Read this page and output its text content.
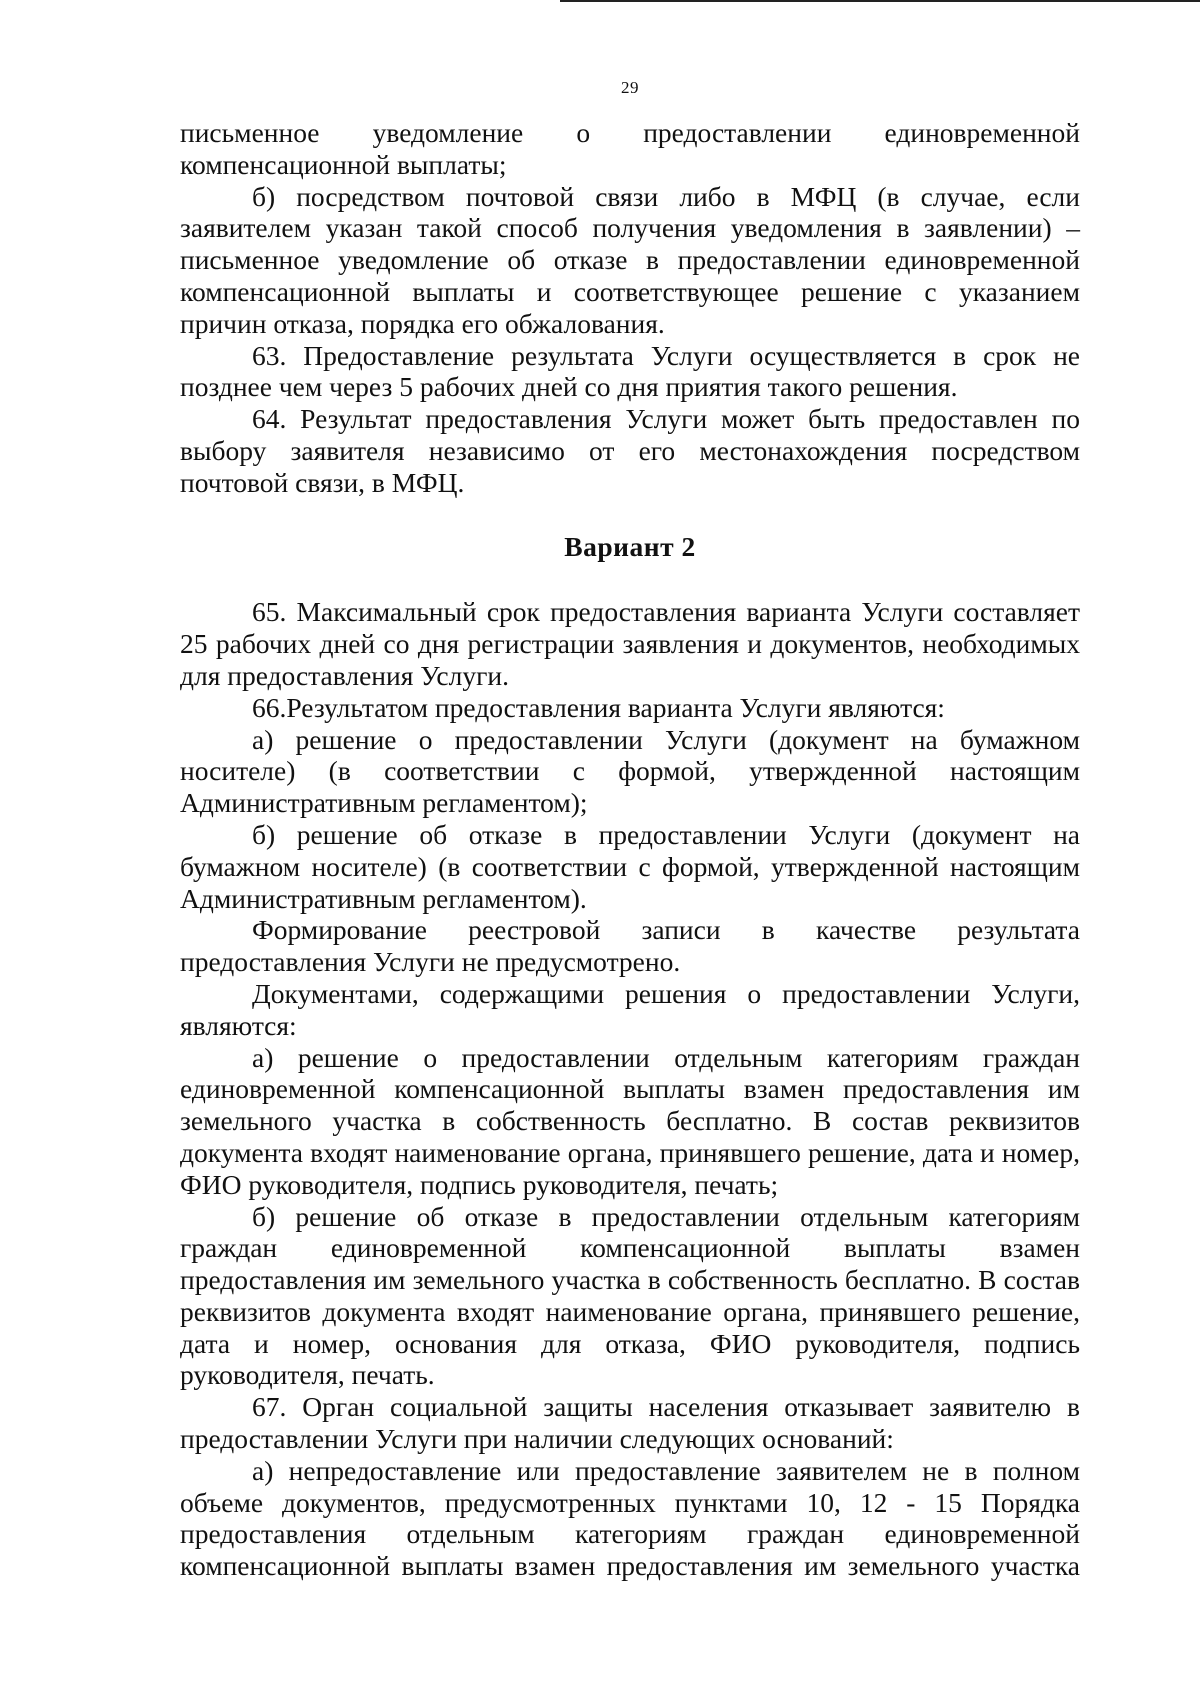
29

письменное уведомление о предоставлении единовременной компенсационной выплаты;

б) посредством почтовой связи либо в МФЦ (в случае, если заявителем указан такой способ получения уведомления в заявлении) – письменное уведомление об отказе в предоставлении единовременной компенсационной выплаты и соответствующее решение с указанием причин отказа, порядка его обжалования.

63. Предоставление результата Услуги осуществляется в срок не позднее чем через 5 рабочих дней со дня приятия такого решения.

64. Результат предоставления Услуги может быть предоставлен по выбору заявителя независимо от его местонахождения посредством почтовой связи, в МФЦ.

Вариант 2

65. Максимальный срок предоставления варианта Услуги составляет 25 рабочих дней со дня регистрации заявления и документов, необходимых для предоставления Услуги.

66.Результатом предоставления варианта Услуги являются:

а) решение о предоставлении Услуги (документ на бумажном носителе) (в соответствии с формой, утвержденной настоящим Административным регламентом);

б) решение об отказе в предоставлении Услуги (документ на бумажном носителе) (в соответствии с формой, утвержденной настоящим Административным регламентом).

Формирование реестровой записи в качестве результата предоставления Услуги не предусмотрено.

Документами, содержащими решения о предоставлении Услуги, являются:

а) решение о предоставлении отдельным категориям граждан единовременной компенсационной выплаты взамен предоставления им земельного участка в собственность бесплатно. В состав реквизитов документа входят наименование органа, принявшего решение, дата и номер, ФИО руководителя, подпись руководителя, печать;

б) решение об отказе в предоставлении отдельным категориям граждан единовременной компенсационной выплаты взамен предоставления им земельного участка в собственность бесплатно. В состав реквизитов документа входят наименование органа, принявшего решение, дата и номер, основания для отказа, ФИО руководителя, подпись руководителя, печать.

67. Орган социальной защиты населения отказывает заявителю в предоставлении Услуги при наличии следующих оснований:

а) непредоставление или предоставление заявителем не в полном объеме документов, предусмотренных пунктами 10, 12 - 15 Порядка предоставления отдельным категориям граждан единовременной компенсационной выплаты взамен предоставления им земельного участка
